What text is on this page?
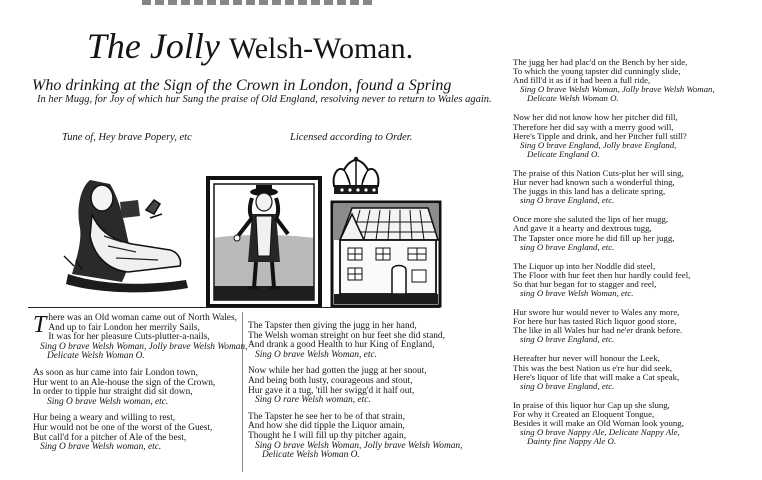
The Jolly Welsh-Woman.
Who drinking at the Sign of the Crown in London, found a Spring
In her Mugg, for Joy of which hur Sung the praise of Old England, resolving never to return to Wales again.
Tune of, Hey brave Popery, etc	Licensed according to Order.
T here was an Old woman came out of North Wales,
And up to fair London her merrily Sails,
It was for her pleasure Cuts-plutter-a-nails,
Sing O brave Welsh Woman, Jolly brave Welsh Woman,
Delicate Welsh Woman O.
As soon as hur came into fair London town,
Hur went to an Ale-house the sign of the Crown,
In order to tipple hur straight did sit down,
Sing O brave Welsh woman, etc.
Hur being a weary and willing to rest,
Hur would not be one of the worst of the Guest,
But call'd for a pitcher of Ale of the best,
Sing O brave Welsh woman, etc.
The Tapster then giving the jugg in her hand,
The Welsh woman streight on hur feet she did stand,
And drank a good Health to hur King of England,
Sing O brave Welsh Woman, etc.
Now while her had gotten the jugg at her snout,
And being both lusty, courageous and stout,
Hur gave it a tug, 'till her swigg'd it half out,
Sing O rare Welsh woman, etc.
The Tapster he see her to be of that strain,
And how she did tipple the Liquor amain,
Thought he I will fill up thy pitcher again,
Sing O brave Welsh Woman, Jolly brave Welsh Woman,
Delicate Welsh Woman O.
The jugg her had plac'd on the Bench by her side,
To which the young tapster did cunningly slide,
And fill'd it as if it had been a full ride,
Sing O brave Welsh Woman, Jolly brave Welsh Woman,
Delicate Welsh Woman O.
Now her did not know how her pitcher did fill,
Therefore her did say with a merry good will,
Here's Tipple and drink, and her Pitcher full still?
Sing O brave England, Jolly brave England,
Delicate England O.
The praise of this Nation Cuts-plut her will sing,
Hur never had known such a wonderful thing,
The juggs in this land has a delicate spring,
sing O brave England, etc.
Once more she saluted the lips of her mugg,
And gave it a hearty and dextrous tugg,
The Tapster once more he did fill up her jugg,
sing O brave England, etc.
The Liquor up into her Noddle did steel,
The Floor with hur feet then hur hardly could feel,
So that hur began for to stagger and reel,
sing O brave Welsh Woman, etc.
Hur swore hur would never to Wales any more,
For here hur has tasted Rich liquor good store,
The like in all Wales hur had ne'er drank before.
sing O brave England, etc.
Hereafter hur never will honour the Leek,
This was the best Nation us e're hur did seek,
Here's liquor of life that will make a Cat speak,
sing O brave England, etc.
In praise of this liquor hur Cap up she slung,
For why it Created an Eloquent Tongue,
Besides it will make an Old Woman look young,
sing O brave Nappy Ale, Delicate Nappy Ale,
Dainty fine Nappy Ale O.
